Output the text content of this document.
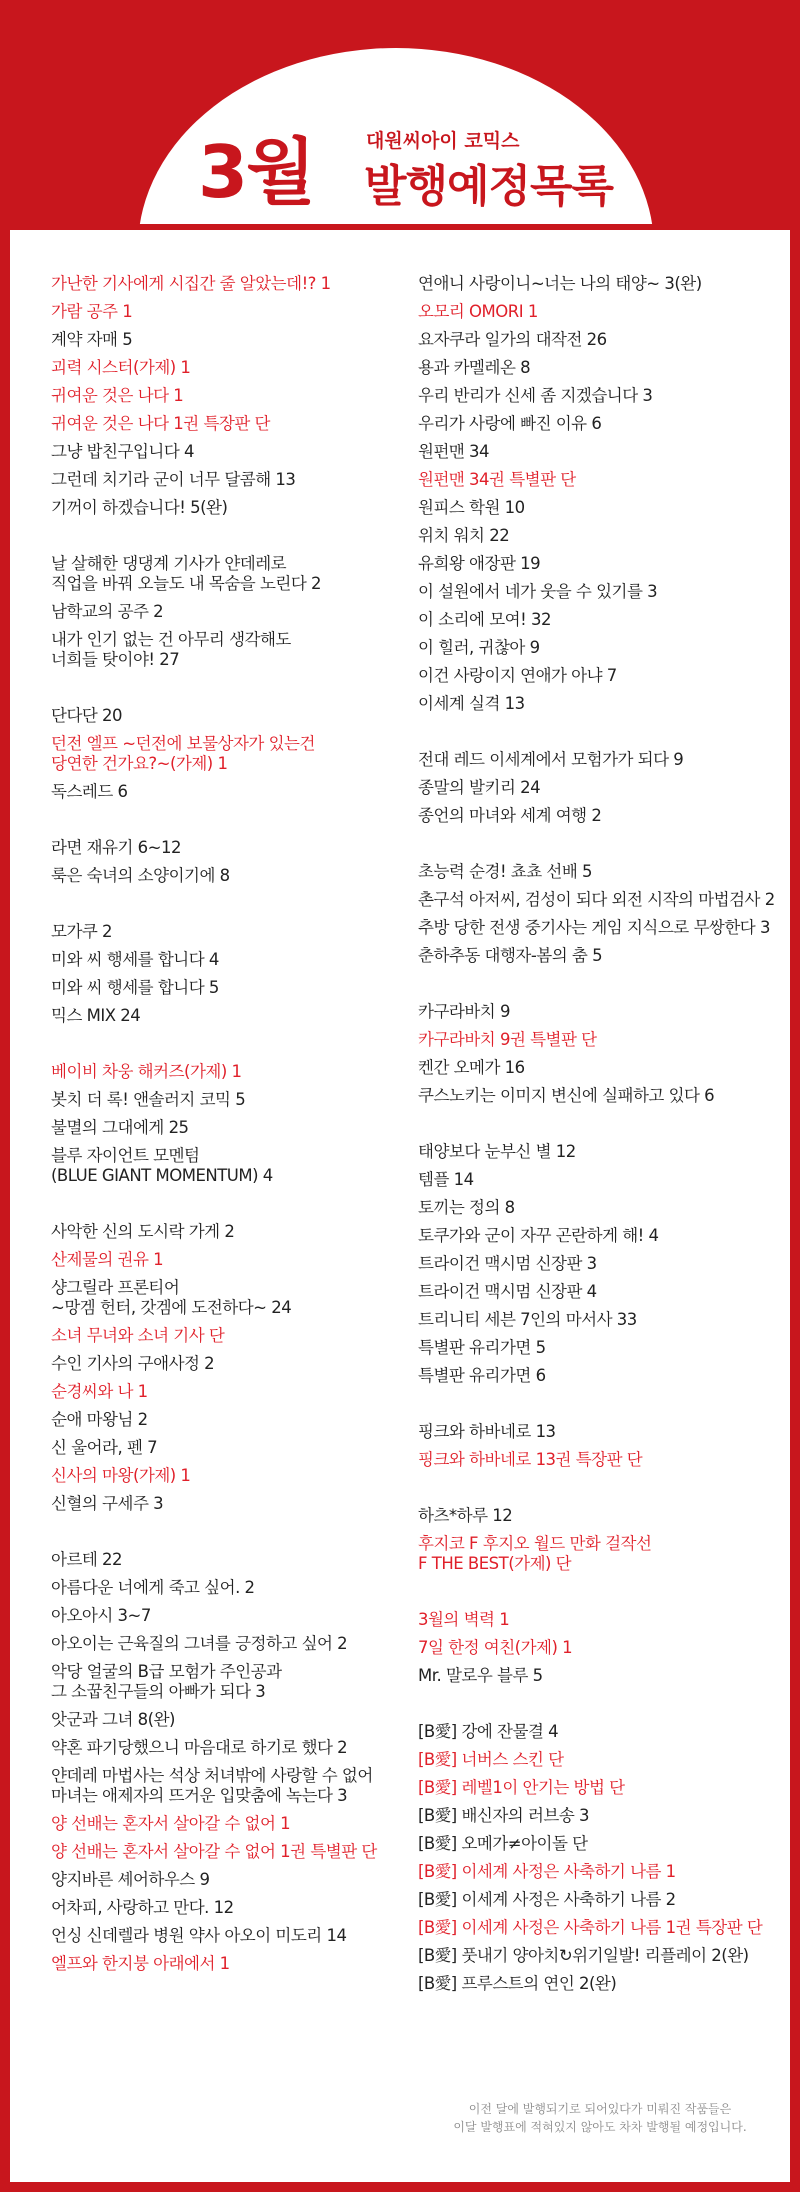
3월	대원씨아이 코믹스
발행예정목록
가난한 기사에게 시집간 줄 알았는데!? 1
가람 공주 1
계약 자매 5
괴력 시스터(가제) 1
귀여운 것은 나다 1
귀여운 것은 나다 1권 특장판 단
그냥 밥친구입니다 4
그런데 치기라 군이 너무 달콤해 13
기꺼이 하겠습니다! 5(완)
날 살해한 댕댕계 기사가 얀데레로
직업을 바꿔 오늘도 내 목숨을 노린다 2
남학교의 공주 2
내가 인기 없는 건 아무리 생각해도
너희들 탓이야! 27
단다단 20
던전 엘프 ~던전에 보물상자가 있는건
당연한 건가요?~(가제) 1
독스레드 6
라면 재유기 6~12
룩은 숙녀의 소양이기에 8
모가쿠 2
미와 씨 행세를 합니다 4
미와 씨 행세를 합니다 5
믹스 MIX 24
베이비 차웅 해커즈(가제) 1
봇치 더 록! 앤솔러지 코믹 5
불멸의 그대에게 25
블루 자이언트 모멘텀
(BLUE GIANT MOMENTUM) 4
사악한 신의 도시락 가게 2
산제물의 권유 1
샹그릴라 프론티어
~망겜 헌터, 갓겜에 도전하다~ 24
소녀 무녀와 소녀 기사 단
수인 기사의 구애사정 2
순경씨와 나 1
순애 마왕님 2
신 울어라, 펜 7
신사의 마왕(가제) 1
신혈의 구세주 3
아르테 22
아름다운 너에게 죽고 싶어. 2
아오아시 3~7
아오이는 근육질의 그녀를 긍정하고 싶어 2
악당 얼굴의 B급 모험가 주인공과
그 소꿉친구들의 아빠가 되다 3
앗군과 그녀 8(완)
약혼 파기당했으니 마음대로 하기로 했다 2
얀데레 마법사는 석상 처녀밖에 사랑할 수 없어
마녀는 애제자의 뜨거운 입맞춤에 녹는다 3
양 선배는 혼자서 살아갈 수 없어 1
양 선배는 혼자서 살아갈 수 없어 1권 특별판 단
양지바른 셰어하우스 9
어차피, 사랑하고 만다. 12
언싱 신데렐라 병원 약사 아오이 미도리 14
엘프와 한지붕 아래에서 1
연애니 사랑이니~너는 나의 태양~ 3(완)
오모리 OMORI 1
요자쿠라 일가의 대작전 26
용과 카멜레온 8
우리 반리가 신세 좀 지겠습니다 3
우리가 사랑에 빠진 이유 6
원펀맨 34
원펀맨 34권 특별판 단
원피스 학원 10
위치 워치 22
유희왕 애장판 19
이 설원에서 네가 웃을 수 있기를 3
이 소리에 모여! 32
이 힐러, 귀찮아 9
이건 사랑이지 연애가 아냐 7
이세계 실격 13
전대 레드 이세계에서 모험가가 되다 9
종말의 발키리 24
종언의 마녀와 세계 여행 2
초능력 순경! 쵸쵸 선배 5
촌구석 아저씨, 검성이 되다 외전 시작의 마법검사 2
추방 당한 전생 중기사는 게임 지식으로 무쌍한다 3
춘하추동 대행자-봄의 춤 5
카구라바치 9
카구라바치 9권 특별판 단
켄간 오메가 16
쿠스노키는 이미지 변신에 실패하고 있다 6
태양보다 눈부신 별 12
템플 14
토끼는 정의 8
토쿠가와 군이 자꾸 곤란하게 해! 4
트라이건 맥시멈 신장판 3
트라이건 맥시멈 신장판 4
트리니티 세븐 7인의 마서사 33
특별판 유리가면 5
특별판 유리가면 6
핑크와 하바네로 13
핑크와 하바네로 13권 특장판 단
하츠*하루 12
후지코 F 후지오 월드 만화 걸작선
F THE BEST(가제) 단
3월의 벽력 1
7일 한정 여친(가제) 1
Mr. 말로우 블루 5
[B愛] 강에 잔물결 4
[B愛] 너버스 스킨 단
[B愛] 레벨1이 안기는 방법 단
[B愛] 배신자의 러브송 3
[B愛] 오메가≠아이돌 단
[B愛] 이세계 사정은 사축하기 나름 1
[B愛] 이세계 사정은 사축하기 나름 2
[B愛] 이세계 사정은 사축하기 나름 1권 특장판 단
[B愛] 풋내기 양아치↻위기일발! 리플레이 2(완)
[B愛] 프루스트의 연인 2(완)
이전 달에 발행되기로 되어있다가 미뤄진 작품들은
이달 발행표에 적혀있지 않아도 차차 발행될 예정입니다.
